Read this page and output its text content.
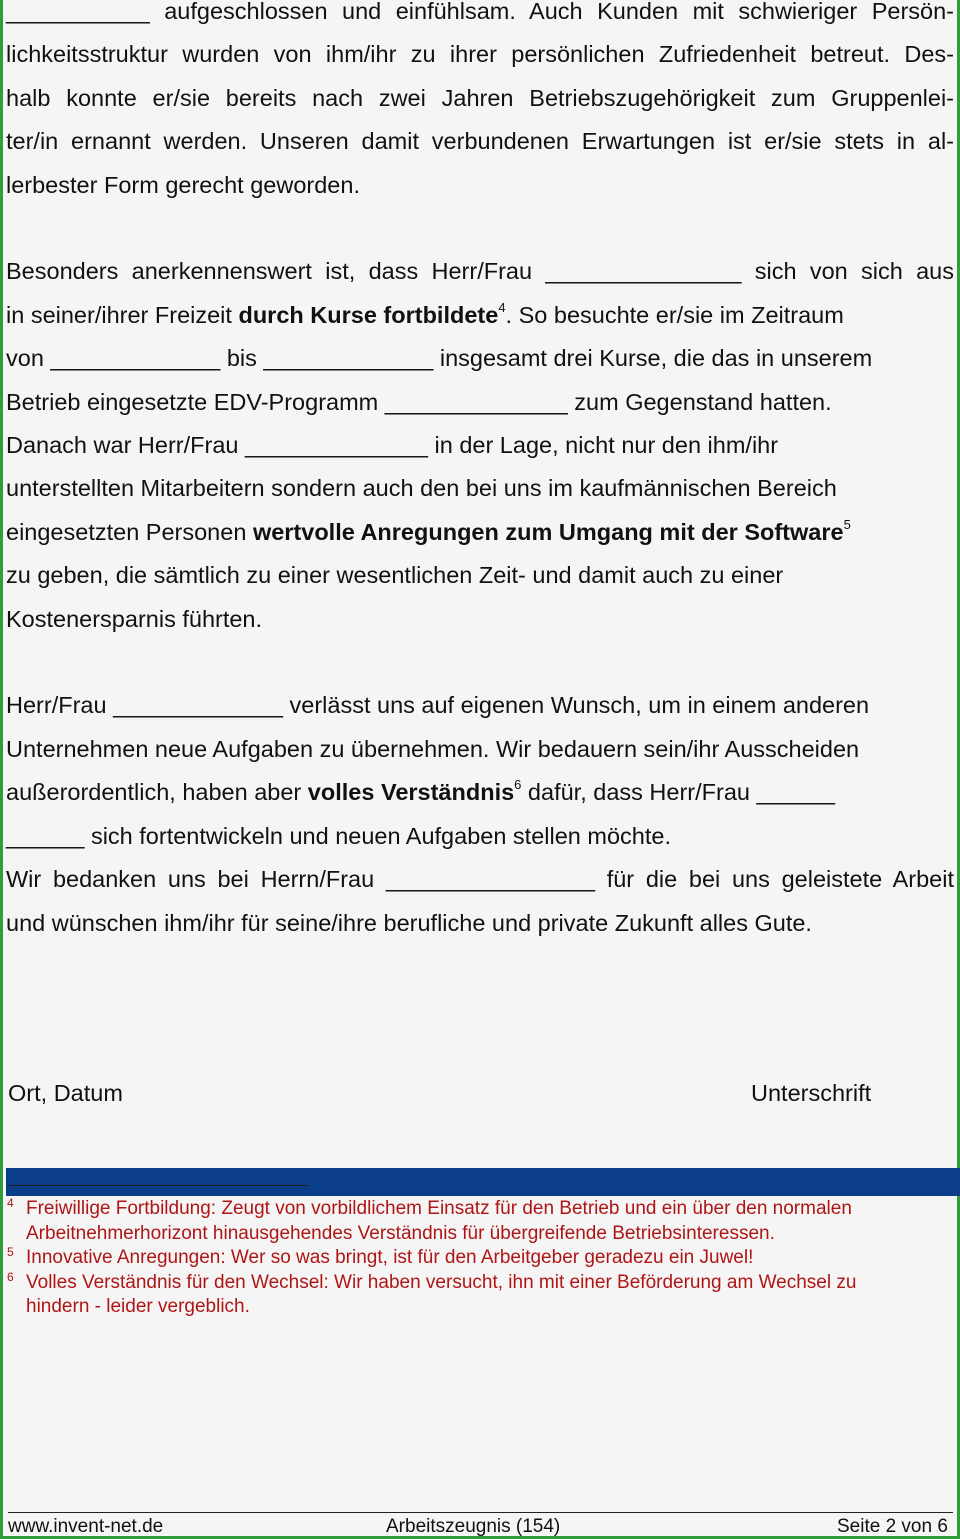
___________ aufgeschlossen und einfühlsam. Auch Kunden mit schwieriger Persön-
lichkeitsstruktur wurden von ihm/ihr zu ihrer persönlichen Zufriedenheit betreut. Des-
halb konnte er/sie bereits nach zwei Jahren Betriebszugehörigkeit zum Gruppenlei-
ter/in ernannt werden. Unseren damit verbundenen Erwartungen ist er/sie stets in al-
lerbester Form gerecht geworden.

Besonders anerkennenswert ist, dass Herr/Frau _______________ sich von sich aus
in seiner/ihrer Freizeit durch Kurse fortbildete$^4$. So besuchte er/sie im Zeitraum
von _____________ bis _____________ insgesamt drei Kurse, die das in unserem
Betrieb eingesetzte EDV-Programm ______________ zum Gegenstand hatten.
Danach war Herr/Frau ______________ in der Lage, nicht nur den ihm/ihr
unterstellten Mitarbeitern sondern auch den bei uns im kaufmännischen Bereich
eingesetzten Personen wertvolle Anregungen zum Umgang mit der Software$^5$
zu geben, die sämtlich zu einer wesentlichen Zeit- und damit auch zu einer
Kostenersparnis führten.

Herr/Frau _____________ verlässt uns auf eigenen Wunsch, um in einem anderen
Unternehmen neue Aufgaben zu übernehmen. Wir bedauern sein/ihr Ausscheiden
außerordentlich, haben aber volles Verständnis$^6$ dafür, dass Herr/Frau ______
______ sich fortentwickeln und neuen Aufgaben stellen möchte.
Wir bedanken uns bei Herrn/Frau ________________ für die bei uns geleistete Arbeit
und wünschen ihm/ihr für seine/ihre berufliche und private Zukunft alles Gute.

Ort, Datum	Unterschrift
4 Freiwillige Fortbildung: Zeugt von vorbildlichem Einsatz für den Betrieb und ein über den normalen
Arbeitnehmerhorizont hinausgehendes Verständnis für übergreifende Betriebsinteressen.
5 Innovative Anregungen: Wer so was bringt, ist für den Arbeitgeber geradezu ein Juwel!
6 Volles Verständnis für den Wechsel: Wir haben versucht, ihn mit einer Beförderung am Wechsel zu
hindern - leider vergeblich.
www.invent-net.de	Arbeitszeugnis (154)	Seite 2 von 6
